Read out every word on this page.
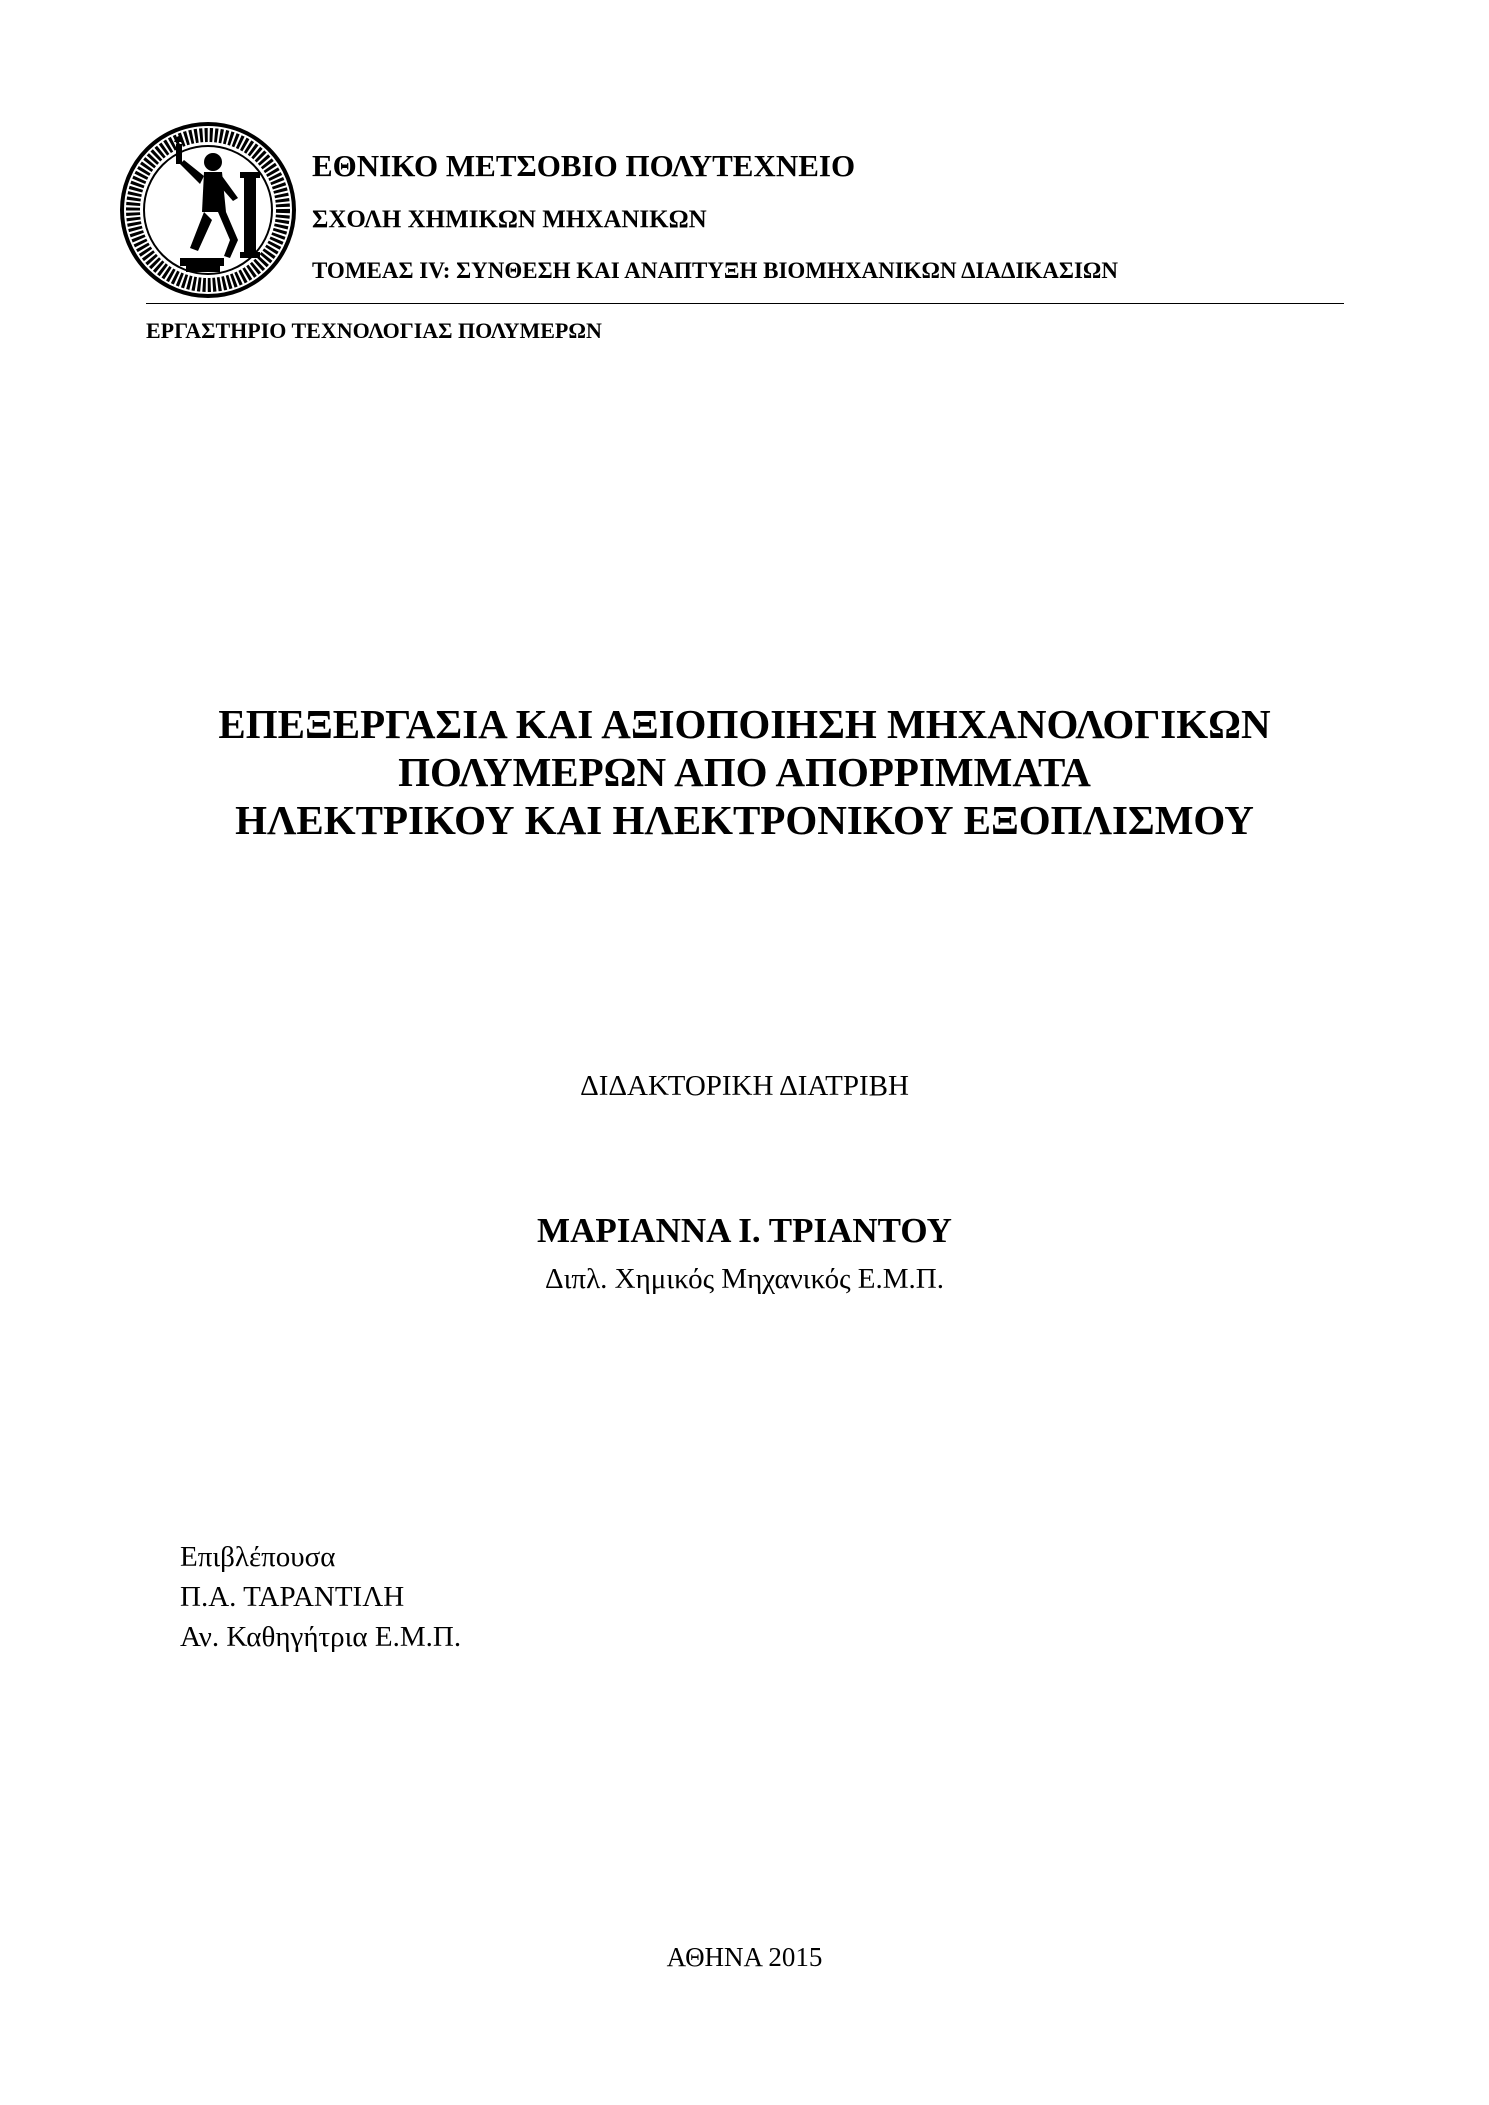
ΕΘΝΙΚΟ ΜΕΤΣΟΒΙΟ ΠΟΛΥΤΕΧΝΕΙΟ
ΣΧΟΛΗ ΧΗΜΙΚΩΝ ΜΗΧΑΝΙΚΩΝ
ΤΟΜΕΑΣ IV: ΣΥΝΘΕΣΗ ΚΑΙ ΑΝΑΠΤΥΞΗ ΒΙΟΜΗΧΑΝΙΚΩΝ ΔΙΑΔΙΚΑΣΙΩΝ
ΕΡΓΑΣΤΗΡΙΟ ΤΕΧΝΟΛΟΓΙΑΣ ΠΟΛΥΜΕΡΩΝ
ΕΠΕΞΕΡΓΑΣΙΑ ΚΑΙ ΑΞΙΟΠΟΙΗΣΗ ΜΗΧΑΝΟΛΟΓΙΚΩΝ
ΠΟΛΥΜΕΡΩΝ ΑΠΟ ΑΠΟΡΡΙΜΜΑΤΑ
ΗΛΕΚΤΡΙΚΟΥ ΚΑΙ ΗΛΕΚΤΡΟΝΙΚΟΥ ΕΞΟΠΛΙΣΜΟΥ
ΔΙΔΑΚΤΟΡΙΚΗ ΔΙΑΤΡΙΒΗ
ΜΑΡΙΑΝΝΑ Ι. ΤΡΙΑΝΤΟΥ
Διπλ. Χημικός Μηχανικός Ε.Μ.Π.
Επιβλέπουσα
Π.Α. ΤΑΡΑΝΤΙΛΗ
Αν. Καθηγήτρια Ε.Μ.Π.
ΑΘΗΝΑ 2015
